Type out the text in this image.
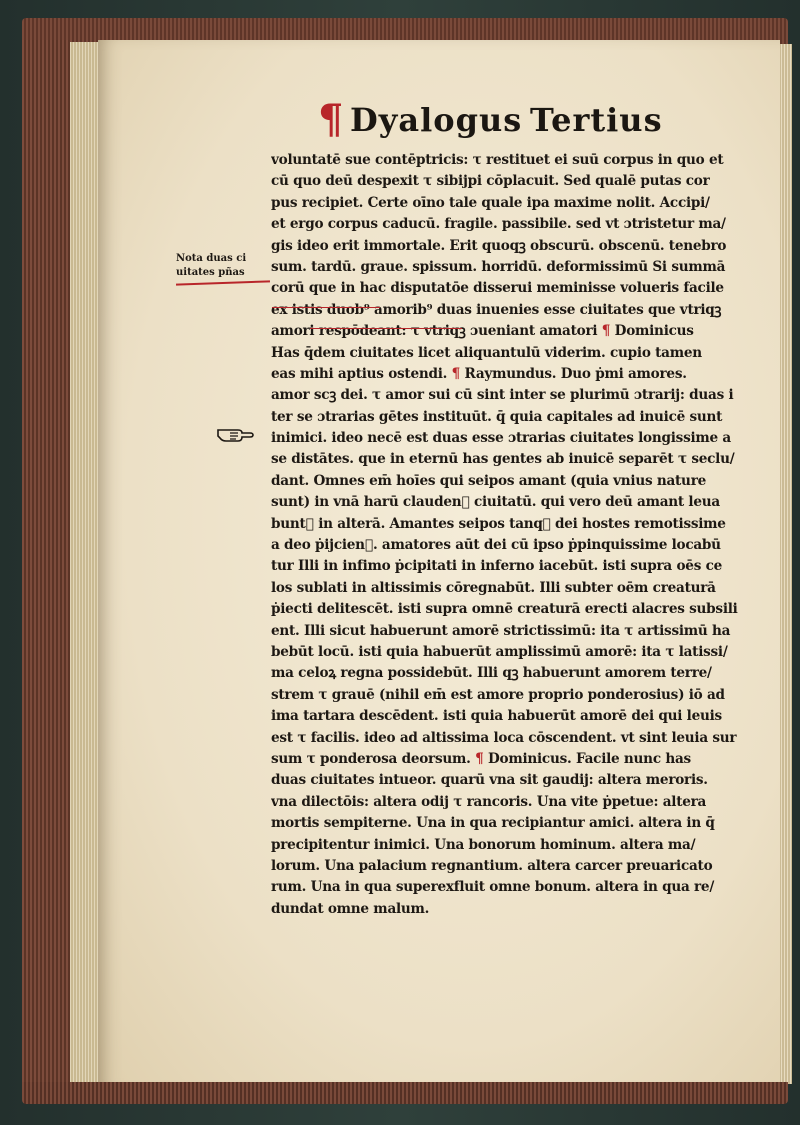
¶ Dyalogus Tertius
Nota duas ci
uitates pñas
voluntatē sue contēptricis: τ restituet ei suū corpus in quo et
cū quo deū despexit τ sibijpi cōplacuit. Sed qualē putas cor
pus recipiet. Certe oīno tale quale ipa maxime nolit. Accipi/
et ergo corpus caducū. fragile. passibile. sed vt ɔtristetur ma/
gis ideo erit immortale. Erit quoqꝫ obscurū. obscenū. tenebro
sum. tardū. graue. spissum. horridū. deformissimū Si summā
corū que in hac disputatōe disserui meminisse volueris facile
ex istis duob⁹ amorib⁹ duas inuenies esse ciuitates que vtriqꝫ
amori respōdeant: τ vtriqꝫ ɔueniant amatori ¶ Dominicus
Has q̄dem ciuitates licet aliquantulū viderim. cupio tamen
eas mihi aptius ostendi. ¶ Raymundus. Duo ṗmi amores.
amor scꝫ dei. τ amor sui cū sint inter se plurimū ɔtrarij: duas i
ter se ɔtrarias gētes instituūt. q̄ quia capitales ad inuicē sunt
inimici. ideo necē est duas esse ɔtrarias ciuitates longissime a
se distātes. que in eternū has gentes ab inuicē separēt τ seclu/
dant. Omnes em̄ hoīes qui seipos amant (quia vnius nature
sunt) in vnā harū claudenᷣ ciuitatū. qui vero deū amant leua
buntᷣ in alterā. Amantes seipos tanqꝫ dei hostes remotissime
a deo ṗijcienᷣ. amatores aūt dei cū ipso ṗpinquissime locabū
tur Illi in infimo ṗcipitati in inferno iacebūt. isti supra oēs ce
los sublati in altissimis cōregnabūt. Illi subter oēm creaturā
ṗiecti delitescēt. isti supra omnē creaturā erecti alacres subsili
ent. Illi sicut habuerunt amorē strictissimū: ita τ artissimū ha
bebūt locū. isti quia habuerūt amplissimū amorē: ita τ latissi/
ma celoꝝ regna possidebūt. Illi qꝫ habuerunt amorem terre/
strem τ grauē (nihil em̄ est amore proprio ponderosius) iō ad
ima tartara descēdent. isti quia habuerūt amorē dei qui leuis
est τ facilis. ideo ad altissima loca cōscendent. vt sint leuia sur
sum τ ponderosa deorsum. ¶ Dominicus. Facile nunc has
duas ciuitates intueor. quarū vna sit gaudij: altera meroris.
vna dilectōis: altera odij τ rancoris. Una vite ṗpetue: altera
mortis sempiterne. Una in qua recipiantur amici. altera in q̄
precipitentur inimici. Una bonorum hominum. altera ma/
lorum. Una palacium regnantium. altera carcer preuaricato
rum. Una in qua superexfluit omne bonum. altera in qua re/
dundat omne malum.
